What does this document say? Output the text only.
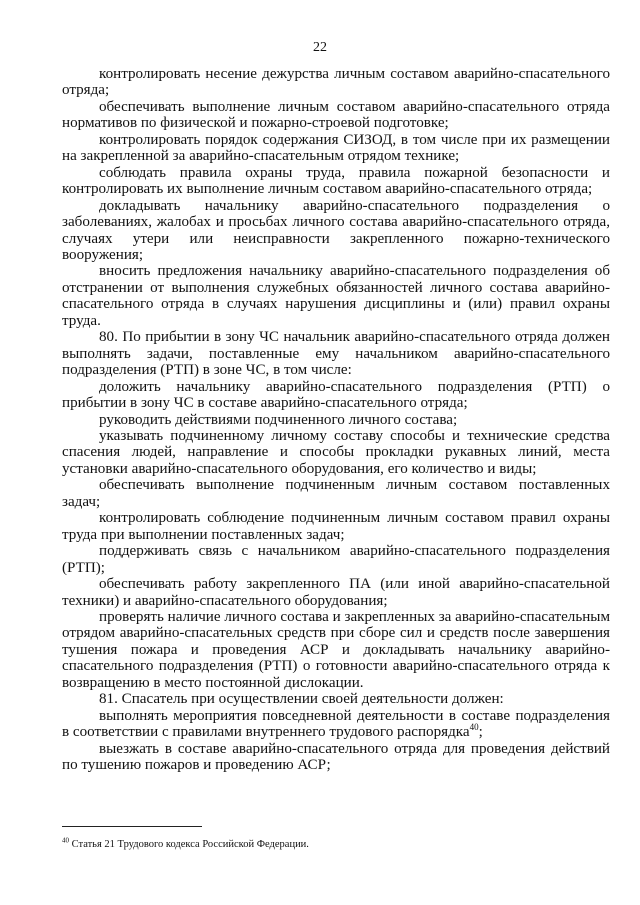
22

контролировать несение дежурства личным составом аварийно-спасательного отряда;

обеспечивать выполнение личным составом аварийно-спасательного отряда нормативов по физической и пожарно-строевой подготовке;

контролировать порядок содержания СИЗОД, в том числе при их размещении на закрепленной за аварийно-спасательным отрядом технике;

соблюдать правила охраны труда, правила пожарной безопасности и контролировать их выполнение личным составом аварийно-спасательного отряда;

докладывать начальнику аварийно-спасательного подразделения о заболеваниях, жалобах и просьбах личного состава аварийно-спасательного отряда, случаях утери или неисправности закрепленного пожарно-технического вооружения;

вносить предложения начальнику аварийно-спасательного подразделения об отстранении от выполнения служебных обязанностей личного состава аварийно-спасательного отряда в случаях нарушения дисциплины и (или) правил охраны труда.

80. По прибытии в зону ЧС начальник аварийно-спасательного отряда должен выполнять задачи, поставленные ему начальником аварийно-спасательного подразделения (РТП) в зоне ЧС, в том числе:

доложить начальнику аварийно-спасательного подразделения (РТП) о прибытии в зону ЧС в составе аварийно-спасательного отряда;

руководить действиями подчиненного личного состава;

указывать подчиненному личному составу способы и технические средства спасения людей, направление и способы прокладки рукавных линий, места установки аварийно-спасательного оборудования, его количество и виды;

обеспечивать выполнение подчиненным личным составом поставленных задач;

контролировать соблюдение подчиненным личным составом правил охраны труда при выполнении поставленных задач;

поддерживать связь с начальником аварийно-спасательного подразделения (РТП);

обеспечивать работу закрепленного ПА (или иной аварийно-спасательной техники) и аварийно-спасательного оборудования;

проверять наличие личного состава и закрепленных за аварийно-спасательным отрядом аварийно-спасательных средств при сборе сил и средств после завершения тушения пожара и проведения АСР и докладывать начальнику аварийно-спасательного подразделения (РТП) о готовности аварийно-спасательного отряда к возвращению в место постоянной дислокации.

81. Спасатель при осуществлении своей деятельности должен:

выполнять мероприятия повседневной деятельности в составе подразделения в соответствии с правилами внутреннего трудового распорядка$^{40}$;

выезжать в составе аварийно-спасательного отряда для проведения действий по тушению пожаров и проведению АСР;

$^{40}$ Статья 21 Трудового кодекса Российской Федерации.
